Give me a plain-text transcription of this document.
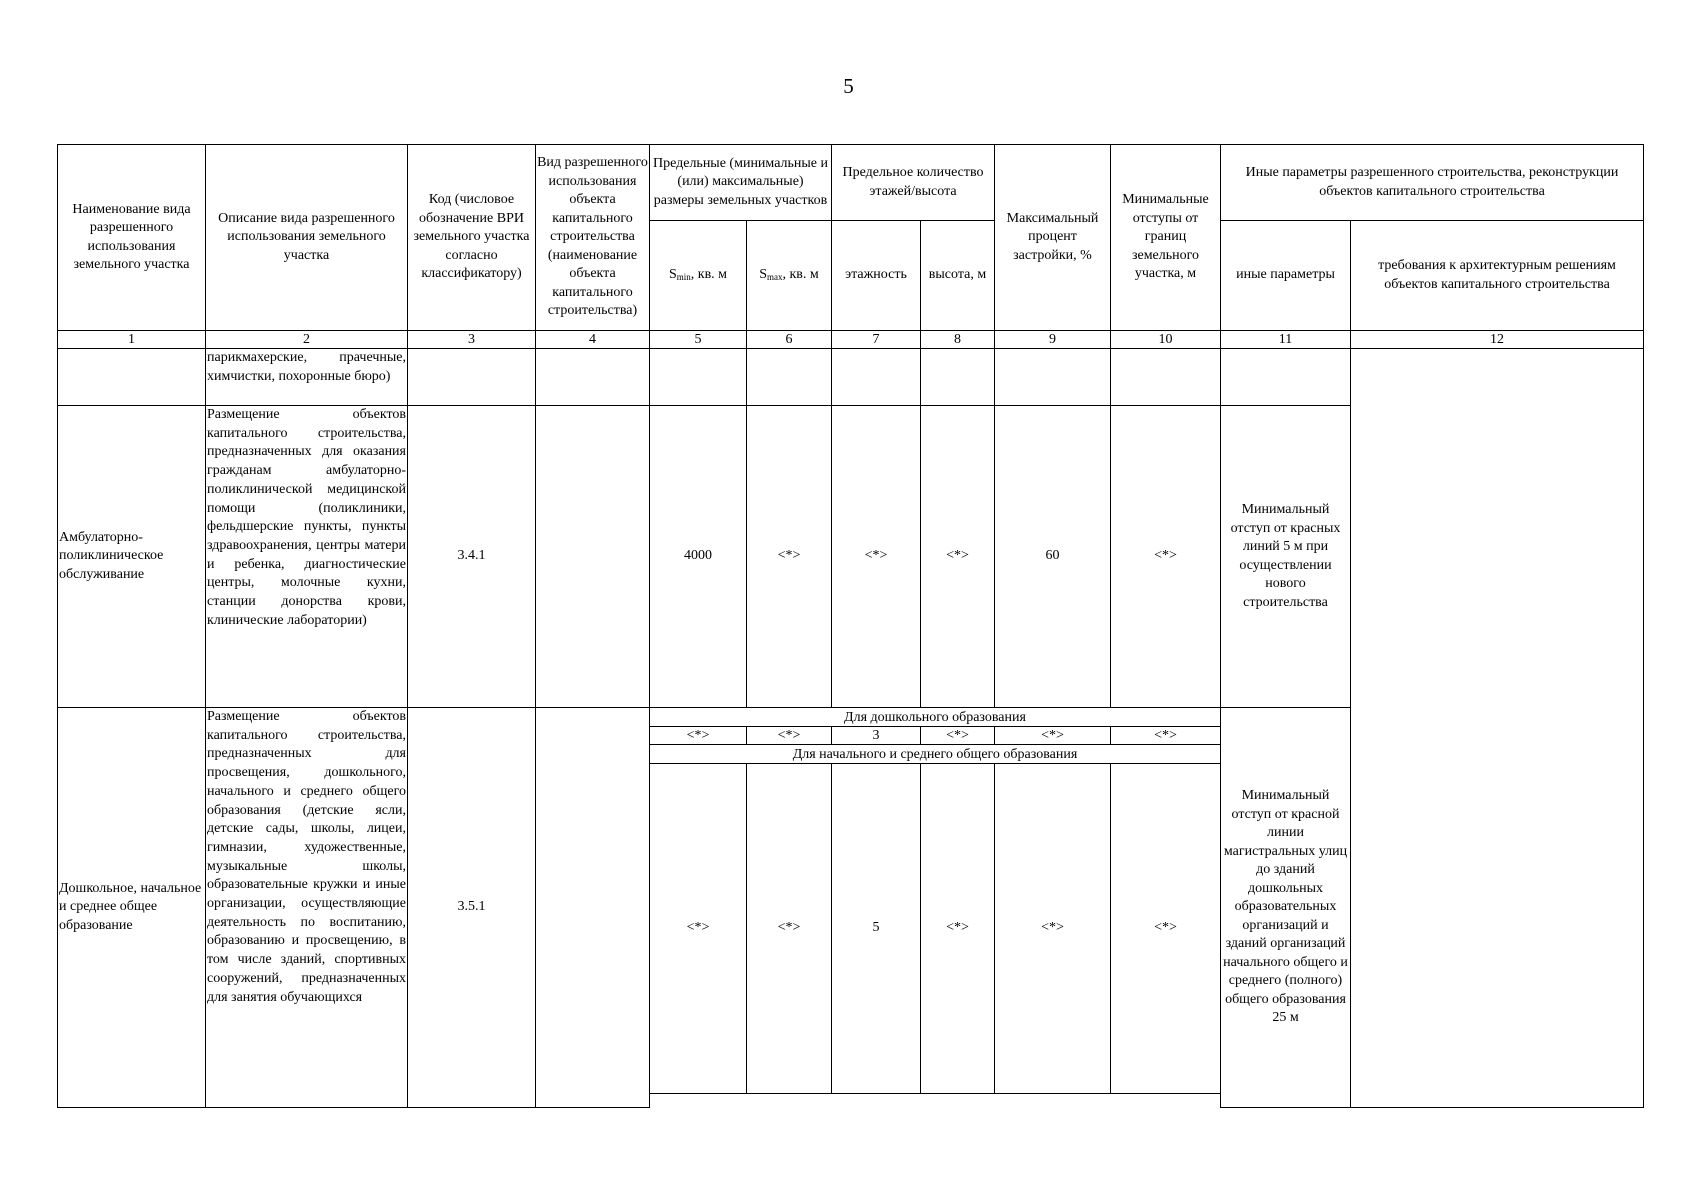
5
Наименование вида разрешенного использования земельного участка	Описание вида разрешенного использования земельного участка	Код (числовое обозначение ВРИ земельного участка согласно классификатору)	Вид разрешенного использования объекта капитального строительства (наименование объекта капитального строительства)	Предельные (минимальные и (или) максимальные) размеры земельных участков		Предельное количество этажей/высота		Максимальный процент застройки, %	Минимальные отступы от границ земельного участка, м	Иные параметры разрешенного строительства, реконструкции объектов капитального строительства	
				$S_{min}$, кв. м	$S_{max}$, кв. м	этажность	высота, м			иные параметры	требования к архитектурным решениям объектов капитального строительства
1	2	3	4	5	6	7	8	9	10	11	12
	парикмахерские, прачечные, химчистки, похоронные бюро)										
Амбулаторно-поликлиническое обслуживание	Размещение объектов капитального строительства, предназначенных для оказания гражданам амбулаторно-поликлинической медицинской помощи (поликлиники, фельдшерские пункты, пункты здравоохранения, центры матери и ребенка, диагностические центры, молочные кухни, станции донорства крови, клинические лаборатории)	3.4.1		4000	<*>	<*>	<*>	60	<*>	Минимальный отступ от красных линий 5 м при осуществлении нового строительства	
Дошкольное, начальное и среднее общее образование	Размещение объектов капитального строительства, предназначенных для просвещения, дошкольного, начального и среднего общего образования (детские ясли, детские сады, школы, лицеи, гимназии, художественные, музыкальные школы, образовательные кружки и иные организации, осуществляющие деятельность по воспитанию, образованию и просвещению, в том числе зданий, спортивных сооружений, предназначенных для занятия обучающихся	3.5.1		Для дошкольного образования						Минимальный отступ от красной линии магистральных улиц до зданий дошкольных образовательных организаций и зданий организаций начального общего и среднего (полного) общего образования 25 м	
				<*>	<*>	3	<*>	<*>	<*>		
				Для начального и среднего общего образования							
				<*>	<*>	5	<*>	<*>	<*>		
